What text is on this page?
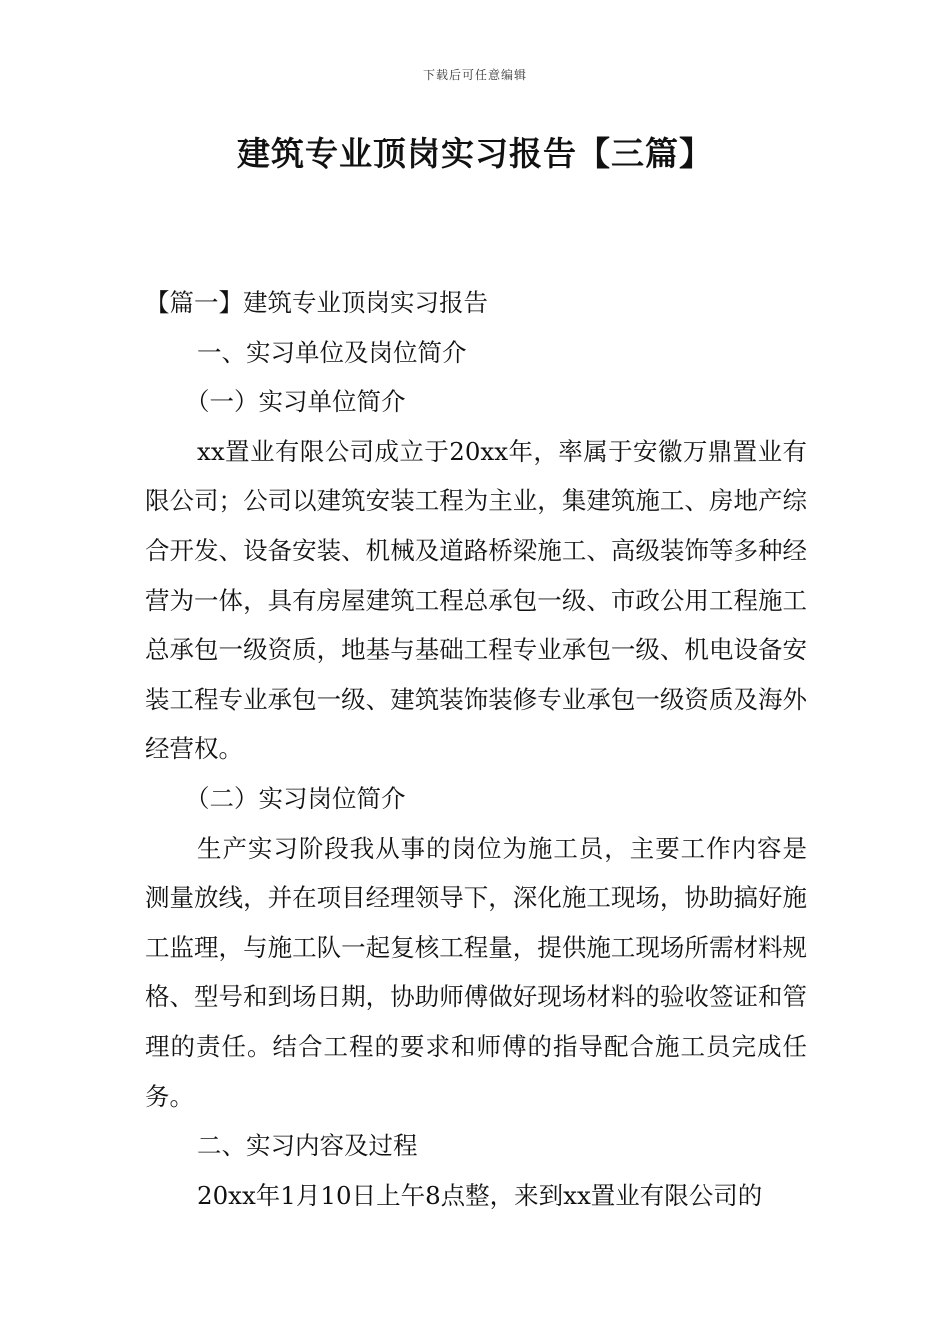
下载后可任意编辑
建筑专业顶岗实习报告【三篇】

【篇一】建筑专业顶岗实习报告

一、实习单位及岗位简介

（一）实习单位简介

xx置业有限公司成立于20xx年，率属于安徽万鼎置业有限公司；公司以建筑安装工程为主业，集建筑施工、房地产综合开发、设备安装、机械及道路桥梁施工、高级装饰等多种经营为一体，具有房屋建筑工程总承包一级、市政公用工程施工总承包一级资质，地基与基础工程专业承包一级、机电设备安装工程专业承包一级、建筑装饰装修专业承包一级资质及海外经营权。

（二）实习岗位简介

生产实习阶段我从事的岗位为施工员，主要工作内容是测量放线，并在项目经理领导下，深化施工现场，协助搞好施工监理，与施工队一起复核工程量，提供施工现场所需材料规格、型号和到场日期，协助师傅做好现场材料的验收签证和管理的责任。结合工程的要求和师傅的指导配合施工员完成任务。

二、实习内容及过程

20xx年1月10日上午8点整，来到xx置业有限公司的
